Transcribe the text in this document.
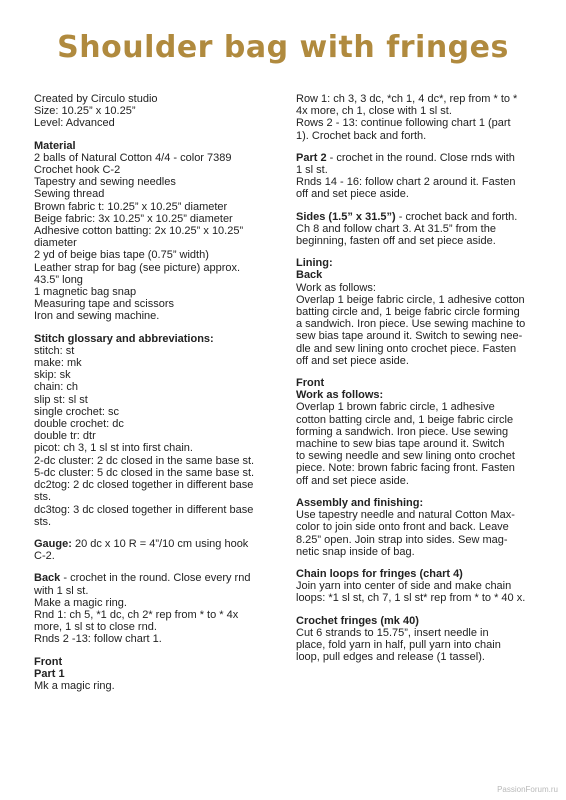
Shoulder bag with fringes

Created by Circulo studio

Size: 10.25” x 10.25”

Level: Advanced

Material

2 balls of Natural Cotton 4/4 - color 7389

Crochet hook C-2

Tapestry and sewing needles

Sewing thread

Brown fabric t: 10.25” x 10.25” diameter

Beige fabric: 3x 10.25” x 10.25” diameter

Adhesive cotton batting: 2x 10.25” x 10.25”

diameter

2 yd of beige bias tape (0.75” width)

Leather strap for bag (see picture) approx.

43.5” long

1 magnetic bag snap

Measuring tape and scissors

Iron and sewing machine.

Stitch glossary and abbreviations:

stitch: st

make: mk

skip: sk

chain: ch

slip st: sl st

single crochet: sc

double crochet: dc

double tr: dtr

picot: ch 3, 1 sl st into first chain.

2-dc cluster: 2 dc closed in the same base st.

5-dc cluster: 5 dc closed in the same base st.

dc2tog: 2 dc closed together in different base

sts.

dc3tog: 3 dc closed together in different base

sts.

Gauge: 20 dc x 10 R = 4”/10 cm using hook

C-2.

Back - crochet in the round. Close every rnd

with 1 sl st.

Make a magic ring.

Rnd 1: ch 5, *1 dc, ch 2* rep from * to * 4x

more, 1 sl st to close rnd.

Rnds 2 -13: follow chart 1.

Front

Part 1

Mk a magic ring.

Row 1: ch 3, 3 dc, *ch 1, 4 dc*, rep from * to *

4x more, ch 1, close with 1 sl st.

Rows 2 - 13: continue following chart 1 (part

1). Crochet back and forth.

Part 2 - crochet in the round. Close rnds with

1 sl st.

Rnds 14 - 16: follow chart 2 around it. Fasten

off and set piece aside.

Sides (1.5” x 31.5”) - crochet back and forth.

Ch 8 and follow chart 3. At 31.5” from the

beginning, fasten off and set piece aside.

Lining:

Back

Work as follows:

Overlap 1 beige fabric circle, 1 adhesive cotton

batting circle and, 1 beige fabric circle forming

a sandwich. Iron piece. Use sewing machine to

sew bias tape around it. Switch to sewing nee-

dle and sew lining onto crochet piece. Fasten

off and set piece aside.

Front

Work as follows:

Overlap 1 brown fabric circle, 1 adhesive

cotton batting circle and, 1 beige fabric circle

forming a sandwich. Iron piece. Use sewing

machine to sew bias tape around it. Switch

to sewing needle and sew lining onto crochet

piece. Note: brown fabric facing front. Fasten

off and set piece aside.

Assembly and finishing:

Use tapestry needle and natural Cotton Max-

color to join side onto front and back. Leave

8.25” open. Join strap into sides. Sew mag-

netic snap inside of bag.

Chain loops for fringes (chart 4)

Join yarn into center of side and make chain

loops: *1 sl st, ch 7, 1 sl st* rep from * to * 40 x.

Crochet fringes (mk 40)

Cut 6 strands to 15.75”, insert needle in

place, fold yarn in half, pull yarn into chain

loop, pull edges and release (1 tassel).

PassionForum.ru
